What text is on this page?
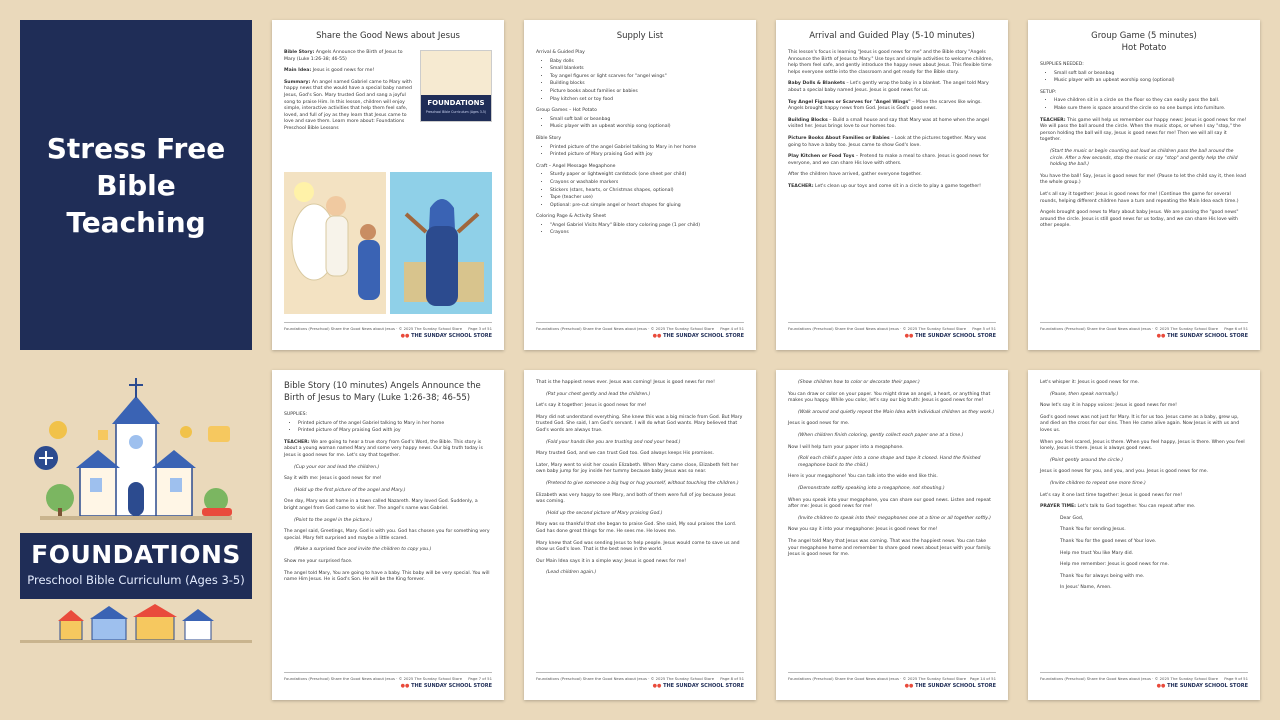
Stress Free
Bible
Teaching
FOUNDATIONS
Preschool Bible Curriculum (Ages 3-5)
Share the Good News about Jesus
FOUNDATIONS
Preschool Bible Curriculum (Ages 3-5)
Bible Story: Angels Announce the Birth of Jesus to Mary (Luke 1:26-38; 46-55)
Main Idea: Jesus is good news for me!
Summary: An angel named Gabriel came to Mary with happy news that she would have a special baby named Jesus, God's Son. Mary trusted God and sang a joyful song to praise Him. In this lesson, children will enjoy simple, interactive activities that help them feel safe, loved, and full of joy as they learn that Jesus came to love and save them. Learn more about: Foundations Preschool Bible Lessons
Foundations (Preschool) Share the Good News about Jesus · © 2025 The Sunday School Store Page 3 of 51
●● THE SUNDAY SCHOOL STORE
Supply List
Arrival & Guided Play
• Baby dolls
• Small blankets
• Toy angel figures or light scarves for "angel wings"
• Building blocks
• Picture books about families or babies
• Play kitchen set or toy food
Group Games – Hot Potato
• Small soft ball or beanbag
• Music player with an upbeat worship song (optional)
Bible Story
• Printed picture of the angel Gabriel talking to Mary in her home
• Printed picture of Mary praising God with joy
Craft – Angel Message Megaphone
• Sturdy paper or lightweight cardstock (one sheet per child)
• Crayons or washable markers
• Stickers (stars, hearts, or Christmas shapes, optional)
• Tape (teacher use)
• Optional: pre-cut simple angel or heart shapes for gluing
Coloring Page & Activity Sheet
• "Angel Gabriel Visits Mary" Bible story coloring page (1 per child)
• Crayons
Foundations (Preschool) Share the Good News about Jesus · © 2025 The Sunday School Store Page 4 of 51
●● THE SUNDAY SCHOOL STORE
Arrival and Guided Play (5-10 minutes)
This lesson's focus is learning "Jesus is good news for me" and the Bible story "Angels Announce the Birth of Jesus to Mary." Use toys and simple activities to welcome children, help them feel safe, and gently introduce the happy news about Jesus. This flexible time helps everyone settle into the classroom and get ready for the Bible story.
Baby Dolls & Blankets – Let's gently wrap the baby in a blanket. The angel told Mary about a special baby named Jesus. Jesus is good news for us.
Toy Angel Figures or Scarves for "Angel Wings" – Move the scarves like wings. Angels brought happy news from God. Jesus is God's good news.
Building Blocks – Build a small house and say that Mary was at home when the angel visited her. Jesus brings love to our homes too.
Picture Books About Families or Babies – Look at the pictures together. Mary was going to have a baby too. Jesus came to show God's love.
Play Kitchen or Food Toys – Pretend to make a meal to share. Jesus is good news for everyone, and we can share His love with others.
After the children have arrived, gather everyone together.
TEACHER: Let's clean up our toys and come sit in a circle to play a game together!
Foundations (Preschool) Share the Good News about Jesus · © 2025 The Sunday School Store Page 5 of 51
●● THE SUNDAY SCHOOL STORE
Group Game (5 minutes)
Hot Potato
SUPPLIES NEEDED:
• Small soft ball or beanbag
• Music player with an upbeat worship song (optional)
SETUP:
• Have children sit in a circle on the floor so they can easily pass the ball.
• Make sure there is space around the circle so no one bumps into furniture.
TEACHER: This game will help us remember our happy news: Jesus is good news for me! We will pass the ball around the circle. When the music stops, or when I say "stop," the person holding the ball will say, Jesus is good news for me! Then we will all say it together.
(Start the music or begin counting out loud as children pass the ball around the circle. After a few seconds, stop the music or say "stop" and gently help the child holding the ball.)
You have the ball! Say, Jesus is good news for me! (Pause to let the child say it, then lead the whole group.)
Let's all say it together: Jesus is good news for me! (Continue the game for several rounds, helping different children have a turn and repeating the Main Idea each time.)
Angels brought good news to Mary about baby Jesus. We are passing the "good news" around the circle. Jesus is still good news for us today, and we can share His love with other people.
Foundations (Preschool) Share the Good News about Jesus · © 2025 The Sunday School Store Page 6 of 51
●● THE SUNDAY SCHOOL STORE
Bible Story (10 minutes) Angels Announce the Birth of Jesus to Mary (Luke 1:26-38; 46-55)
SUPPLIES:
• Printed picture of the angel Gabriel talking to Mary in her home
• Printed picture of Mary praising God with joy
TEACHER: We are going to hear a true story from God's Word, the Bible. This story is about a young woman named Mary and some very happy news. Our big truth today is Jesus is good news for me. Let's say that together.
(Cup your ear and lead the children.)
Say it with me: Jesus is good news for me!
(Hold up the first picture of the angel and Mary.)
One day, Mary was at home in a town called Nazareth. Mary loved God. Suddenly, a bright angel from God came to visit her. The angel's name was Gabriel.
(Point to the angel in the picture.)
The angel said, Greetings, Mary. God is with you. God has chosen you for something very special. Mary felt surprised and maybe a little scared.
(Make a surprised face and invite the children to copy you.)
Show me your surprised face.
The angel told Mary, You are going to have a baby. This baby will be very special. You will name Him Jesus. He is God's Son. He will be the King forever.
Foundations (Preschool) Share the Good News about Jesus · © 2025 The Sunday School Store Page 7 of 51
●● THE SUNDAY SCHOOL STORE
That is the happiest news ever. Jesus was coming! Jesus is good news for me!
(Pat your chest gently and lead the children.)
Let's say it together: Jesus is good news for me!
Mary did not understand everything. She knew this was a big miracle from God. But Mary trusted God. She said, I am God's servant. I will do what God wants. Mary believed that God's words are always true.
(Fold your hands like you are trusting and nod your head.)
Mary trusted God, and we can trust God too. God always keeps His promises.
Later, Mary went to visit her cousin Elizabeth. When Mary came close, Elizabeth felt her own baby jump for joy inside her tummy because baby Jesus was so near.
(Pretend to give someone a big hug or hug yourself, without touching the children.)
Elizabeth was very happy to see Mary, and both of them were full of joy because Jesus was coming.
(Hold up the second picture of Mary praising God.)
Mary was so thankful that she began to praise God. She said, My soul praises the Lord. God has done great things for me. He sees me. He loves me.
Mary knew that God was sending Jesus to help people. Jesus would come to save us and show us God's love. That is the best news in the world.
Our Main Idea says it in a simple way: Jesus is good news for me!
(Lead children again.)
Foundations (Preschool) Share the Good News about Jesus · © 2025 The Sunday School Store Page 8 of 51
●● THE SUNDAY SCHOOL STORE
(Show children how to color or decorate their paper.)
You can draw or color on your paper. You might draw an angel, a heart, or anything that makes you happy. While you color, let's say our big truth: Jesus is good news for me!
(Walk around and quietly repeat the Main Idea with individual children as they work.)
Jesus is good news for me.
(When children finish coloring, gently collect each paper one at a time.)
Now I will help turn your paper into a megaphone.
(Roll each child's paper into a cone shape and tape it closed. Hand the finished megaphone back to the child.)
Here is your megaphone! You can talk into the wide end like this.
(Demonstrate softly speaking into a megaphone, not shouting.)
When you speak into your megaphone, you can share our good news. Listen and repeat after me: Jesus is good news for me!
(Invite children to speak into their megaphones one at a time or all together softly.)
Now you say it into your megaphone: Jesus is good news for me!
The angel told Mary that Jesus was coming. That was the happiest news. You can take your megaphone home and remember to share good news about Jesus with your family. Jesus is good news for me.
Foundations (Preschool) Share the Good News about Jesus · © 2025 The Sunday School Store Page 14 of 51
●● THE SUNDAY SCHOOL STORE
Let's whisper it: Jesus is good news for me.
(Pause, then speak normally.)
Now let's say it in happy voices: Jesus is good news for me!
God's good news was not just for Mary. It is for us too. Jesus came as a baby, grew up, and died on the cross for our sins. Then He came alive again. Now Jesus is with us and loves us.
When you feel scared, Jesus is there. When you feel happy, Jesus is there. When you feel lonely, Jesus is there. Jesus is always good news.
(Point gently around the circle.)
Jesus is good news for you, and you, and you. Jesus is good news for me.
(Invite children to repeat one more time.)
Let's say it one last time together: Jesus is good news for me!
PRAYER TIME: Let's talk to God together. You can repeat after me.
Dear God,
Thank You for sending Jesus.
Thank You for the good news of Your love.
Help me trust You like Mary did.
Help me remember: Jesus is good news for me.
Thank You for always being with me.
In Jesus' Name, Amen.
Foundations (Preschool) Share the Good News about Jesus · © 2025 The Sunday School Store Page 9 of 51
●● THE SUNDAY SCHOOL STORE
